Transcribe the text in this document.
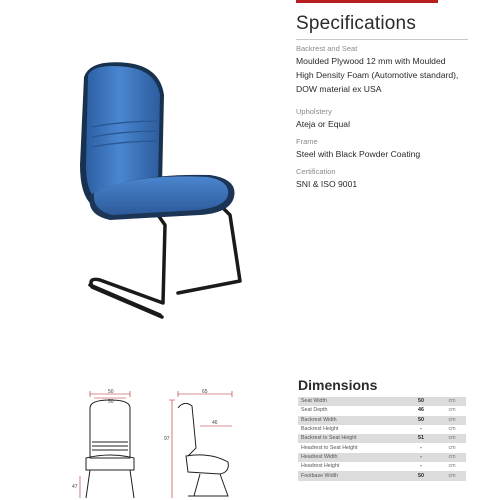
Specifications
Backrest and Seat
Moulded Plywood 12 mm with Moulded
High Density Foam (Automotive standard),
DOW material ex USA
Upholstery
Ateja or Equal
Frame
Steel with Black Powder Coating
Certification
SNI & ISO 9001
50
50
65
46
97
47
Dimensions
Seat Width	50	cm
Seat Depth	46	cm
Backrest Width	50	cm
Backrest Height	-	cm
Backrest to Seat Height	51	cm
Headrest to Seat Height	-	cm
Headrest Width	-	cm
Headrest Height	-	cm
Footbase Width	50	cm
